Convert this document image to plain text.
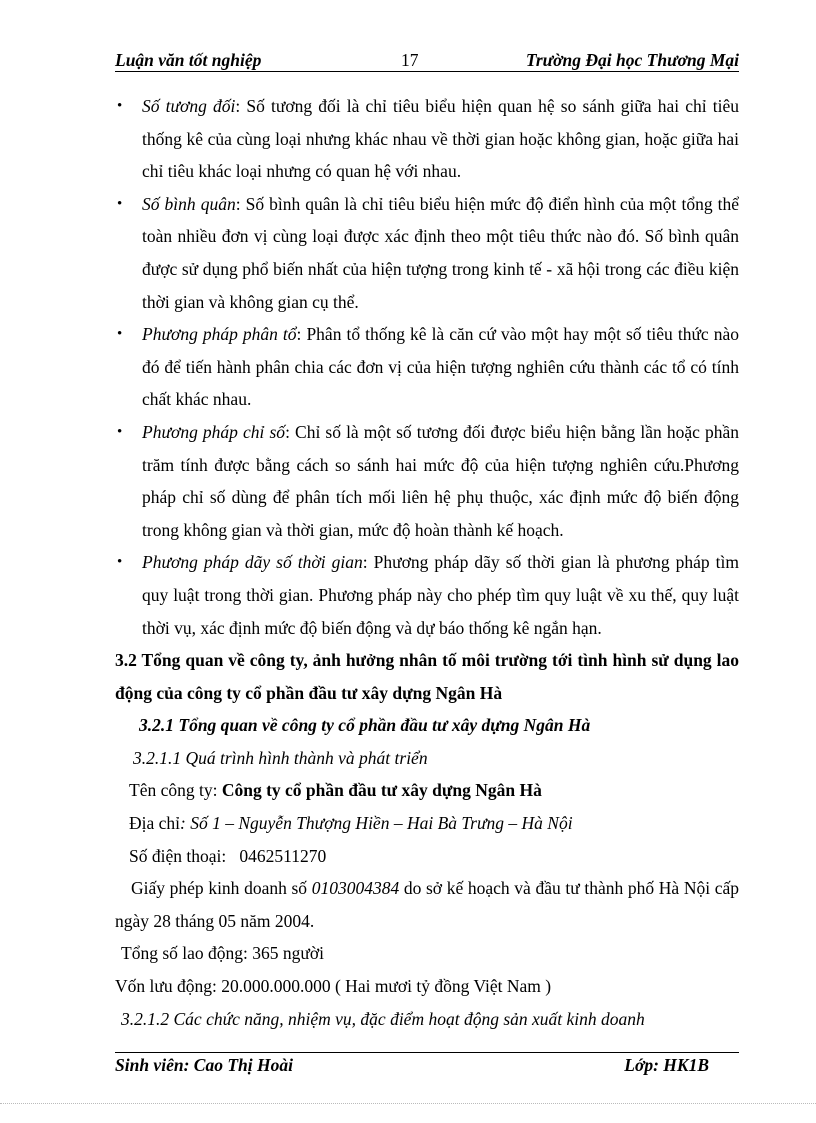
Luận văn tốt nghiệp	17	Trường Đại học Thương Mại

• Số tương đối: Số tương đối là chỉ tiêu biểu hiện quan hệ so sánh giữa hai chỉ tiêu thống kê của cùng loại nhưng khác nhau về thời gian hoặc không gian, hoặc giữa hai chỉ tiêu khác loại nhưng có quan hệ với nhau.

• Số bình quân: Số bình quân là chỉ tiêu biểu hiện mức độ điển hình của một tổng thể toàn nhiều đơn vị cùng loại được xác định theo một tiêu thức nào đó. Số bình quân được sử dụng phổ biến nhất của hiện tượng trong kinh tế - xã hội trong các điều kiện thời gian và không gian cụ thể.

• Phương pháp phân tổ: Phân tổ thống kê là căn cứ vào một hay một số tiêu thức nào đó để tiến hành phân chia các đơn vị của hiện tượng nghiên cứu thành các tổ có tính chất khác nhau.

• Phương pháp chỉ số: Chỉ số là một số tương đối được biểu hiện bằng lần hoặc phần trăm tính được bằng cách so sánh hai mức độ của hiện tượng nghiên cứu.Phương pháp chỉ số dùng để phân tích mối liên hệ phụ thuộc, xác định mức độ biến động trong không gian và thời gian, mức độ hoàn thành kế hoạch.

• Phương pháp dãy số thời gian: Phương pháp dãy số thời gian là phương pháp tìm quy luật trong thời gian. Phương pháp này cho phép tìm quy luật về xu thế, quy luật thời vụ, xác định mức độ biến động và dự báo thống kê ngắn hạn.

3.2 Tổng quan về công ty, ảnh hưởng nhân tố môi trường tới tình hình sử dụng lao động của công ty cổ phần đầu tư xây dựng Ngân Hà

3.2.1 Tổng quan về công ty cổ phần đầu tư xây dựng Ngân Hà

3.2.1.1 Quá trình hình thành và phát triển

Tên công ty: Công ty cổ phần đầu tư xây dựng Ngân Hà

Địa chỉ: Số 1 – Nguyễn Thượng Hiền – Hai Bà Trưng – Hà Nội

Số điện thoại: 0462511270

Giấy phép kinh doanh số 0103004384 do sở kế hoạch và đầu tư thành phố Hà Nội cấp ngày 28 tháng 05 năm 2004.

Tổng số lao động: 365 người

Vốn lưu động: 20.000.000.000 ( Hai mươi tỷ đồng Việt Nam )

3.2.1.2 Các chức năng, nhiệm vụ, đặc điểm hoạt động sản xuất kinh doanh

Sinh viên: Cao Thị Hoài	Lớp: HK1B
